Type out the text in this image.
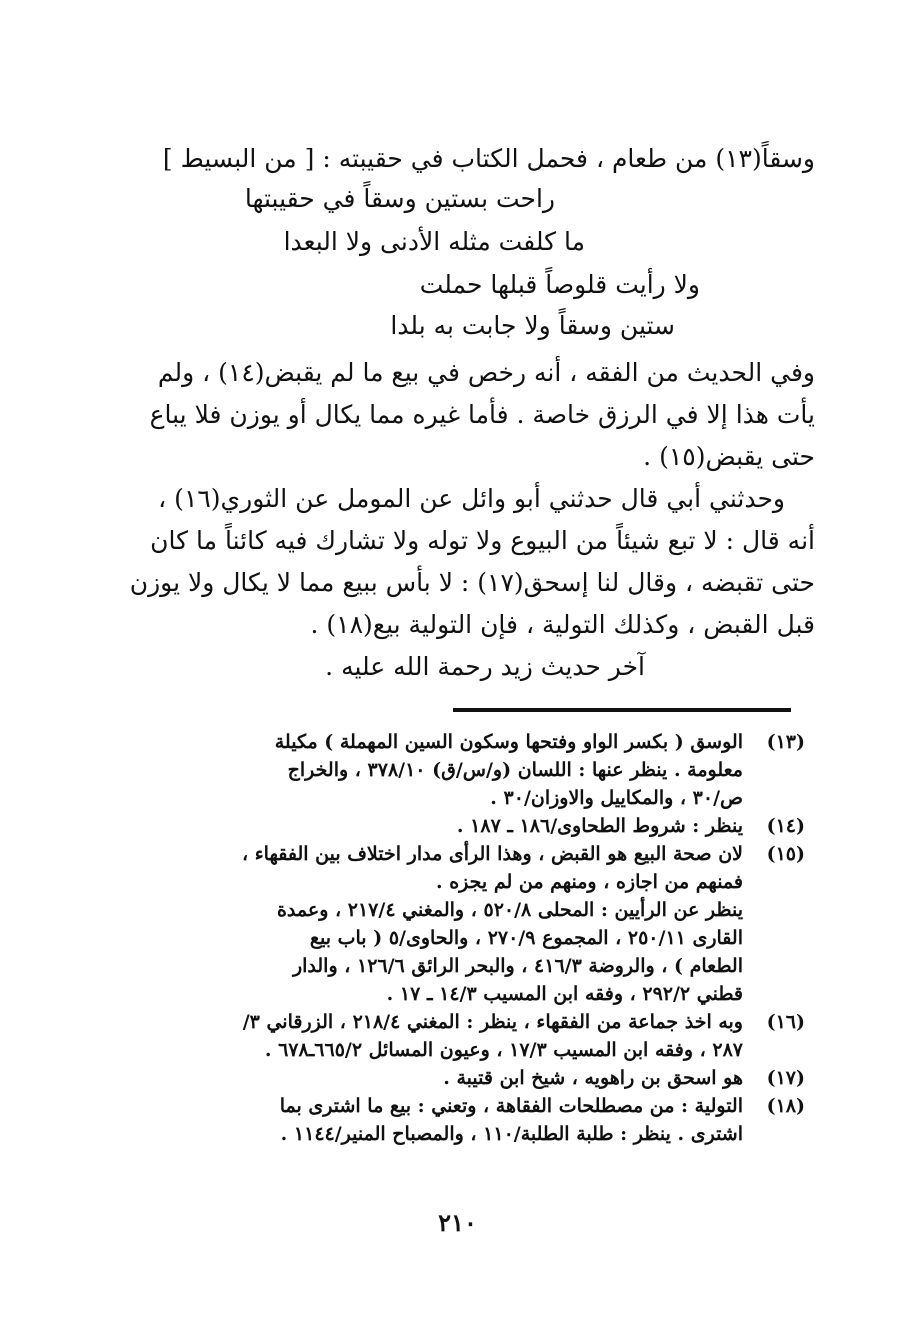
وسقاً(١٣) من طعام ، فحمل الكتاب في حقيبته : [ من البسيط ]
راحت بستين وسقاً في حقيبتها
ما كلفت مثله الأدنى ولا البعدا
ولا رأيت قلوصاً قبلها حملت
ستين وسقاً ولا جابت به بلدا
وفي الحديث من الفقه ، أنه رخص في بيع ما لم يقبض(١٤) ، ولم
يأت هذا إلا في الرزق خاصة . فأما غيره مما يكال أو يوزن فلا يباع
حتى يقبض(١٥) .
وحدثني أبي قال حدثني أبو وائل عن المومل عن الثوري(١٦) ،
أنه قال : لا تبع شيئاً من البيوع ولا توله ولا تشارك فيه كائناً ما كان
حتى تقبضه ، وقال لنا إسحق(١٧) : لا بأس ببيع مما لا يكال ولا يوزن
قبل القبض ، وكذلك التولية ، فإن التولية بيع(١٨) .
آخر حديث زيد رحمة الله عليه .
(١٣)
الوسق ( بكسر الواو وفتحها وسكون السين المهملة ) مكيلة
معلومة . ينظر عنها : اللسان (و/س/ق) ٣٧٨/١٠ ، والخراج
ص/٣٠ ، والمكاييل والاوزان/٣٠ .
(١٤)
ينظر : شروط الطحاوى/١٨٦ ـ ١٨٧ .
(١٥)
لان صحة البيع هو القبض ، وهذا الرأى مدار اختلاف بين الفقهاء ،
فمنهم من اجازه ، ومنهم من لم يجزه .
ينظر عن الرأيين : المحلى ٥٢٠/٨ ، والمغني ٢١٧/٤ ، وعمدة
القارى ٢٥٠/١١ ، المجموع ٢٧٠/٩ ، والحاوى/٥ ( باب بيع
الطعام ) ، والروضة ٤١٦/٣ ، والبحر الرائق ١٢٦/٦ ، والدار
قطني ٢٩٢/٢ ، وفقه ابن المسيب ١٤/٣ ـ ١٧ .
(١٦)
وبه اخذ جماعة من الفقهاء ، ينظر : المغني ٢١٨/٤ ، الزرقاني ٣/
٢٨٧ ، وفقه ابن المسيب ١٧/٣ ، وعيون المسائل ٦٦٥/٢ـ٦٧٨ .
(١٧)
هو اسحق بن راهويه ، شيخ ابن قتيبة .
(١٨)
التولية : من مصطلحات الفقاهة ، وتعني : بيع ما اشترى بما
اشترى . ينظر : طلبة الطلبة/١١٠ ، والمصباح المنير/١١٤٤ .
٢١٠
